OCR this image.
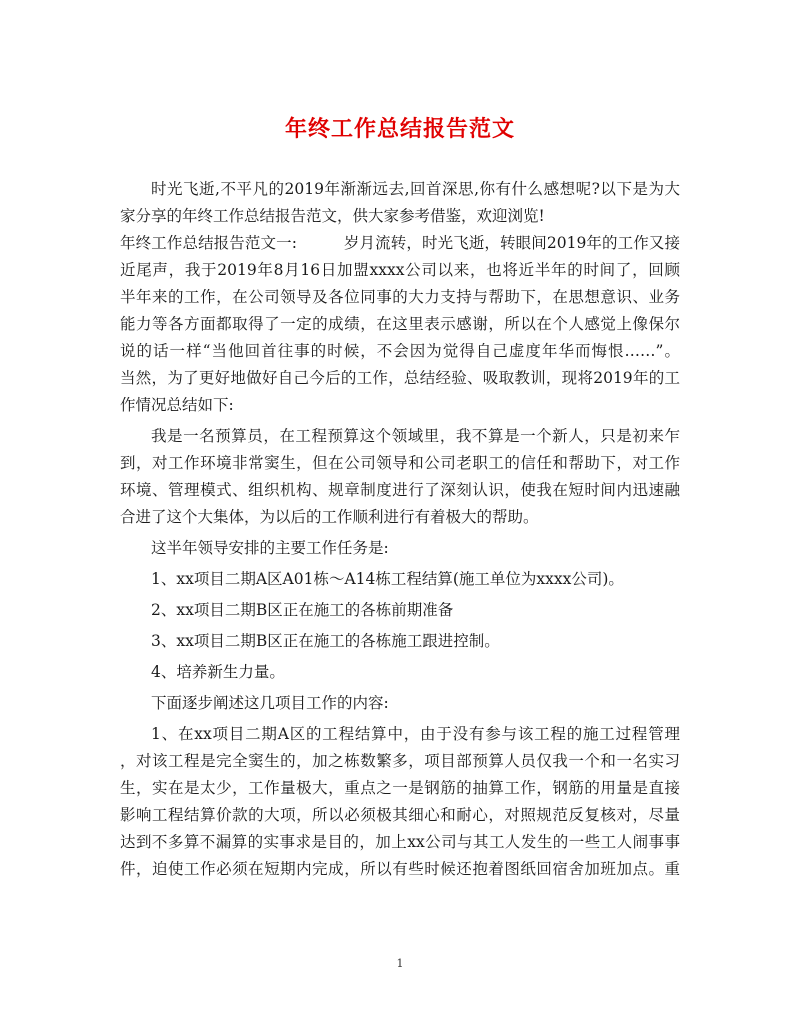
年终工作总结报告范文
时光飞逝,不平凡的2019年渐渐远去,回首深思,你有什么感想呢?以下是为大
家分享的年终工作总结报告范文，供大家参考借鉴，欢迎浏览!
年终工作总结报告范文一:　　　岁月流转，时光飞逝，转眼间2019年的工作又接
近尾声，我于2019年8月16日加盟xxxx公司以来，也将近半年的时间了，回顾
半年来的工作，在公司领导及各位同事的大力支持与帮助下，在思想意识、业务
能力等各方面都取得了一定的成绩，在这里表示感谢，所以在个人感觉上像保尔
说的话一样“当他回首往事的时候，不会因为觉得自己虚度年华而悔恨……”。
当然，为了更好地做好自己今后的工作，总结经验、吸取教训，现将2019年的工
作情况总结如下:
我是一名预算员，在工程预算这个领域里，我不算是一个新人，只是初来乍
到，对工作环境非常窦生，但在公司领导和公司老职工的信任和帮助下，对工作
环境、管理模式、组织机构、规章制度进行了深刻认识，使我在短时间内迅速融
合进了这个大集体，为以后的工作顺利进行有着极大的帮助。
这半年领导安排的主要工作任务是:
1、xx项目二期A区A01栋～A14栋工程结算(施工单位为xxxx公司)。
2、xx项目二期B区正在施工的各栋前期准备
3、xx项目二期B区正在施工的各栋施工跟进控制。
4、培养新生力量。
下面逐步阐述这几项目工作的内容:
1、在xx项目二期A区的工程结算中，由于没有参与该工程的施工过程管理
，对该工程是完全窦生的，加之栋数繁多，项目部预算人员仅我一个和一名实习
生，实在是太少，工作量极大，重点之一是钢筋的抽算工作，钢筋的用量是直接
影响工程结算价款的大项，所以必须极其细心和耐心，对照规范反复核对，尽量
达到不多算不漏算的实事求是目的，加上xx公司与其工人发生的一些工人闹事事
件，迫使工作必须在短期内完成，所以有些时候还抱着图纸回宿舍加班加点。重
1
